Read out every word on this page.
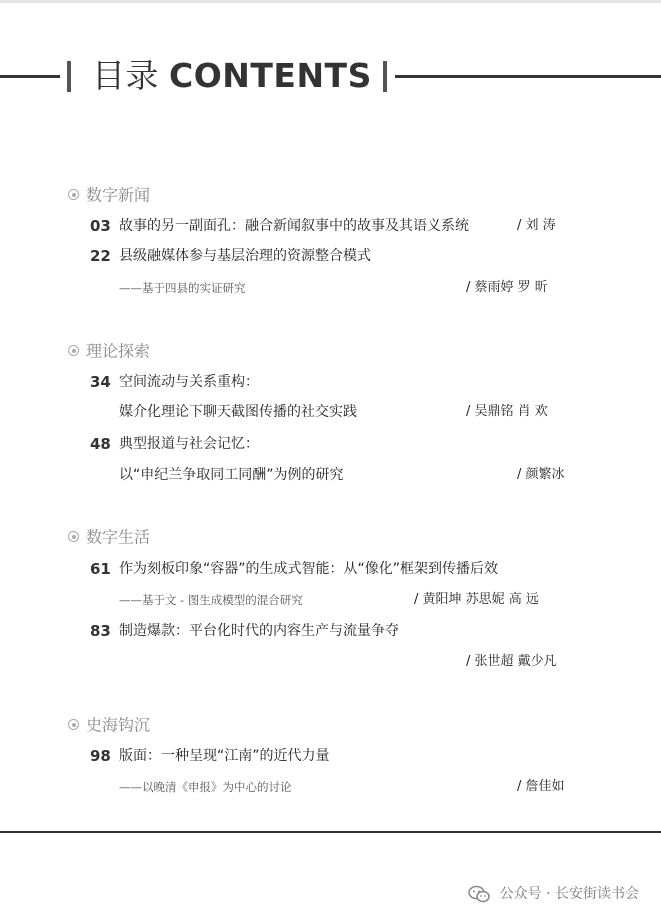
目录 CONTENTS
数字新闻
03 故事的另一副面孔：融合新闻叙事中的故事及其语义系统	/ 刘 涛
22 县级融媒体参与基层治理的资源整合模式
——基于四县的实证研究	/ 蔡雨婷 罗 昕
理论探索
34 空间流动与关系重构：
媒介化理论下聊天截图传播的社交实践	/ 吴鼎铭 肖 欢
48 典型报道与社会记忆：
以“申纪兰争取同工同酬”为例的研究	/ 颜繁冰
数字生活
61 作为刻板印象“容器”的生成式智能：从“像化”框架到传播后效
——基于文 - 图生成模型的混合研究	/ 黄阳坤 苏思妮 高 远
83 制造爆款：平台化时代的内容生产与流量争夺
/ 张世超 戴少凡
史海钩沉
98 版面：一种呈现“江南”的近代力量
——以晚清《申报》为中心的讨论	/ 詹佳如
公众号 · 长安街读书会
